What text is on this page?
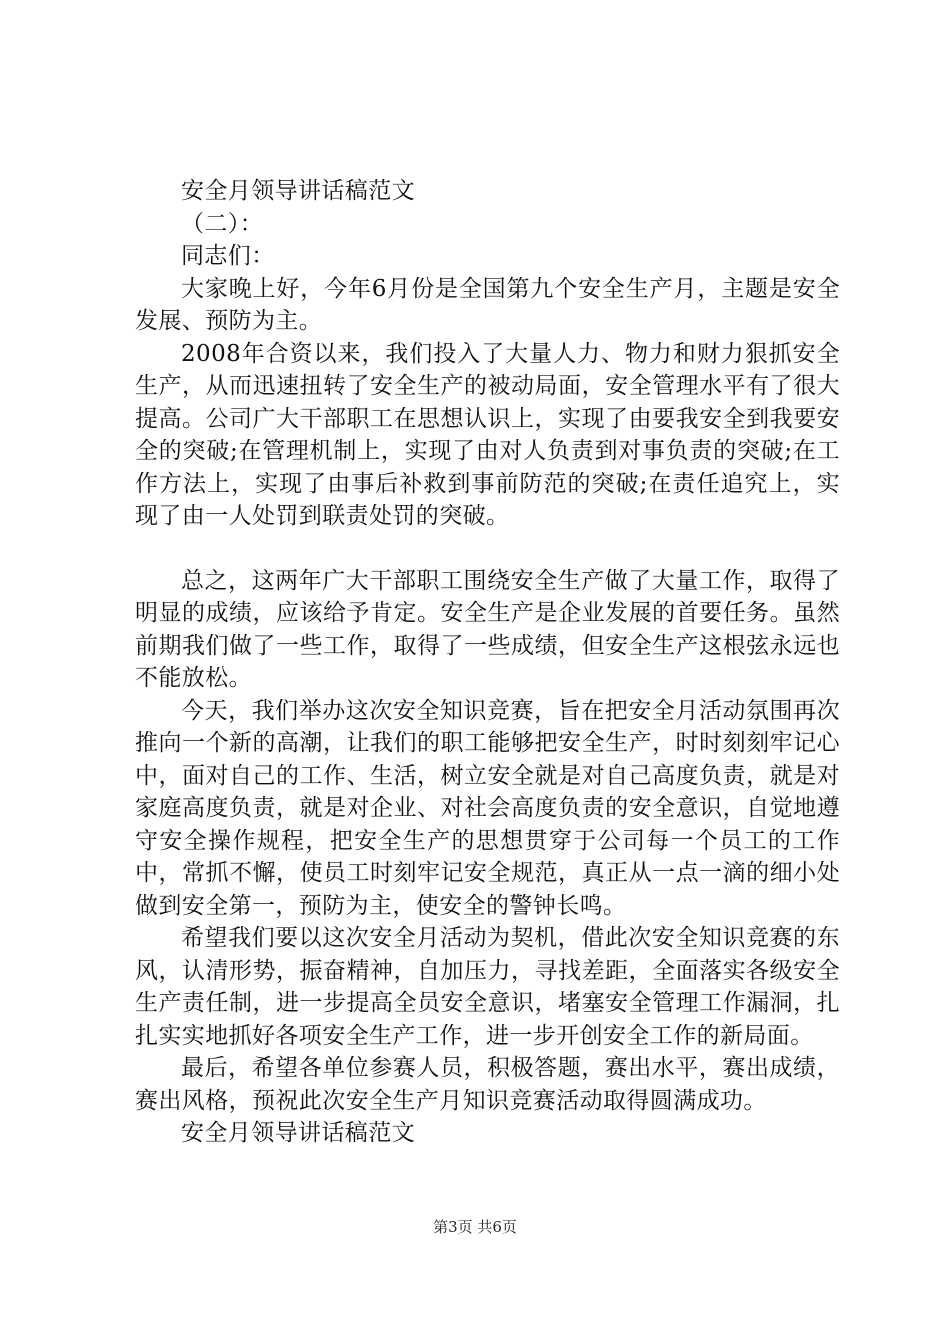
安全月领导讲话稿范文

（二）：

同志们：

大家晚上好，今年6月份是全国第九个安全生产月，主题是安全发展、预防为主。

2008年合资以来，我们投入了大量人力、物力和财力狠抓安全生产，从而迅速扭转了安全生产的被动局面，安全管理水平有了很大提高。公司广大干部职工在思想认识上，实现了由要我安全到我要安全的突破;在管理机制上，实现了由对人负责到对事负责的突破;在工作方法上，实现了由事后补救到事前防范的突破;在责任追究上，实现了由一人处罚到联责处罚的突破。

总之，这两年广大干部职工围绕安全生产做了大量工作，取得了明显的成绩，应该给予肯定。安全生产是企业发展的首要任务。虽然前期我们做了一些工作，取得了一些成绩，但安全生产这根弦永远也不能放松。

今天，我们举办这次安全知识竞赛，旨在把安全月活动氛围再次推向一个新的高潮，让我们的职工能够把安全生产，时时刻刻牢记心中，面对自己的工作、生活，树立安全就是对自己高度负责，就是对家庭高度负责，就是对企业、对社会高度负责的安全意识，自觉地遵守安全操作规程，把安全生产的思想贯穿于公司每一个员工的工作中，常抓不懈，使员工时刻牢记安全规范，真正从一点一滴的细小处做到安全第一，预防为主，使安全的警钟长鸣。

希望我们要以这次安全月活动为契机，借此次安全知识竞赛的东风，认清形势，振奋精神，自加压力，寻找差距，全面落实各级安全生产责任制，进一步提高全员安全意识，堵塞安全管理工作漏洞，扎扎实实地抓好各项安全生产工作，进一步开创安全工作的新局面。

最后，希望各单位参赛人员，积极答题，赛出水平，赛出成绩，赛出风格，预祝此次安全生产月知识竞赛活动取得圆满成功。

安全月领导讲话稿范文

第3页 共6页
